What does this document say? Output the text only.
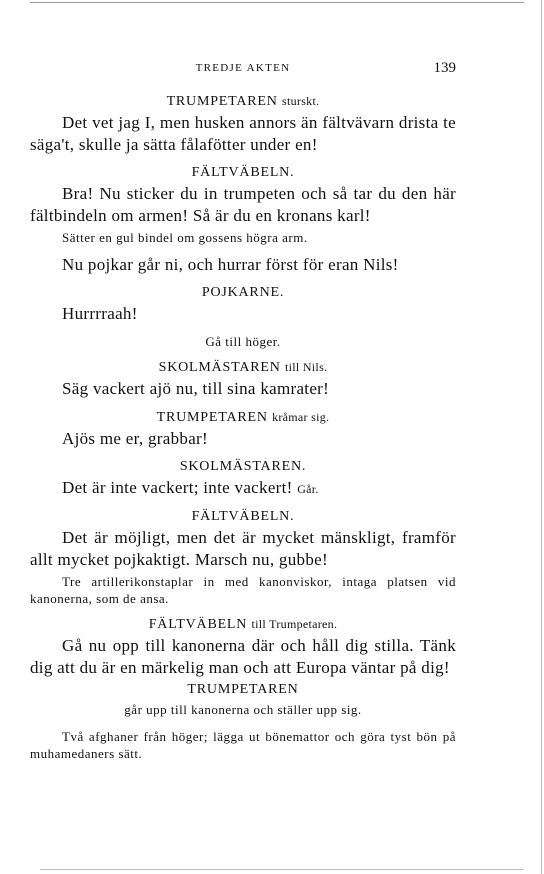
TREDJE AKTEN	139
TRUMPETAREN sturskt.
Det vet jag I, men husken annors än fältvävarn drista te säga't, skulle ja sätta fålafötter under en!
FÄLTVÄBELN.
Bra! Nu sticker du in trumpeten och så tar du den här fältbindeln om armen! Så är du en kronans karl!
Sätter en gul bindel om gossens högra arm.
Nu pojkar går ni, och hurrar först för eran Nils!
POJKARNE.
Hurrrraah!
Gå till höger.
SKOLMÄSTAREN till Nils.
Säg vackert ajö nu, till sina kamrater!
TRUMPETAREN kråmar sig.
Ajös me er, grabbar!
SKOLMÄSTAREN.
Det är inte vackert; inte vackert! Går.
FÄLTVÄBELN.
Det är möjligt, men det är mycket mänskligt, framför allt mycket pojkaktigt. Marsch nu, gubbe!
Tre artillerikonstaplar in med kanonviskor, intaga platsen vid kanonerna, som de ansa.
FÄLTVÄBELN till Trumpetaren.
Gå nu opp till kanonerna där och håll dig stilla. Tänk dig att du är en märkelig man och att Europa väntar på dig!
TRUMPETAREN
går upp till kanonerna och ställer upp sig.
Två afghaner från höger; lägga ut bönemattor och göra tyst bön på muhamedaners sätt.
